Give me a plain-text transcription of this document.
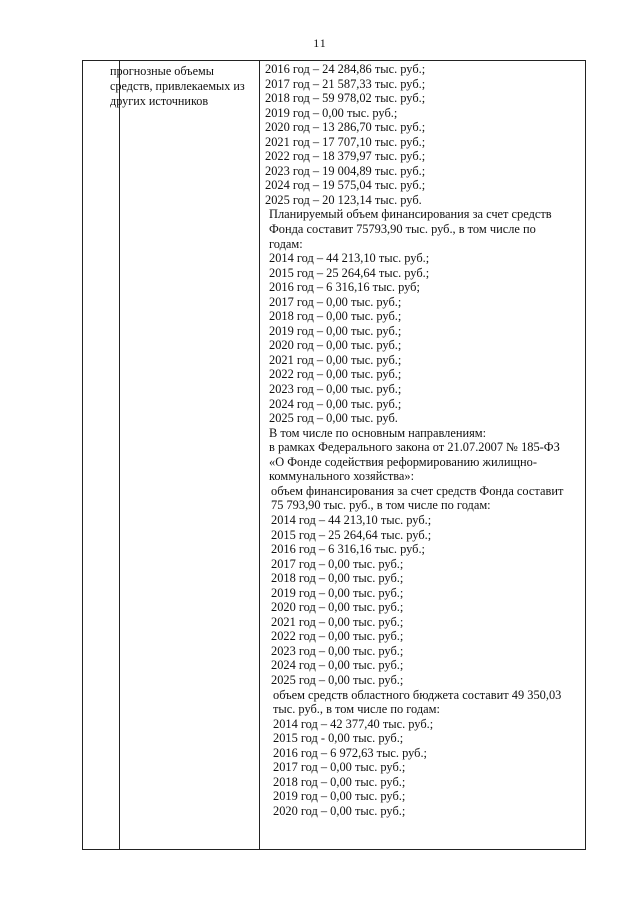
11
прогнозные объемы
средств, привлекаемых из
других источников
2016 год – 24 284,86 тыс. руб.;
2017 год – 21 587,33 тыс. руб.;
2018 год – 59 978,02 тыс. руб.;
2019 год – 0,00 тыс. руб.;
2020 год – 13 286,70 тыс. руб.;
2021 год – 17 707,10 тыс. руб.;
2022 год – 18 379,97 тыс. руб.;
2023 год – 19 004,89 тыс. руб.;
2024 год – 19 575,04 тыс. руб.;
2025 год – 20 123,14 тыс. руб.
Планируемый объем финансирования за счет средств
Фонда составит 75793,90 тыс. руб., в том числе по
годам:
2014 год – 44 213,10 тыс. руб.;
2015 год – 25 264,64 тыс. руб.;
2016 год – 6 316,16 тыс. руб;
2017 год – 0,00 тыс. руб.;
2018 год – 0,00 тыс. руб.;
2019 год – 0,00 тыс. руб.;
2020 год – 0,00 тыс. руб.;
2021 год – 0,00 тыс. руб.;
2022 год – 0,00 тыс. руб.;
2023 год – 0,00 тыс. руб.;
2024 год – 0,00 тыс. руб.;
2025 год – 0,00 тыс. руб.
В том числе по основным направлениям:
в рамках Федерального закона от 21.07.2007 № 185-ФЗ
«О Фонде содействия реформированию жилищно-
коммунального хозяйства»:
объем финансирования за счет средств Фонда составит
75 793,90 тыс. руб., в том числе по годам:
2014 год – 44 213,10 тыс. руб.;
2015 год – 25 264,64 тыс. руб.;
2016 год – 6 316,16 тыс. руб.;
2017 год – 0,00 тыс. руб.;
2018 год – 0,00 тыс. руб.;
2019 год – 0,00 тыс. руб.;
2020 год – 0,00 тыс. руб.;
2021 год – 0,00 тыс. руб.;
2022 год – 0,00 тыс. руб.;
2023 год – 0,00 тыс. руб.;
2024 год – 0,00 тыс. руб.;
2025 год – 0,00 тыс. руб.;
объем средств областного бюджета составит 49 350,03
тыс. руб., в том числе по годам:
2014 год – 42 377,40 тыс. руб.;
2015 год - 0,00 тыс. руб.;
2016 год – 6 972,63 тыс. руб.;
2017 год – 0,00 тыс. руб.;
2018 год – 0,00 тыс. руб.;
2019 год – 0,00 тыс. руб.;
2020 год – 0,00 тыс. руб.;
